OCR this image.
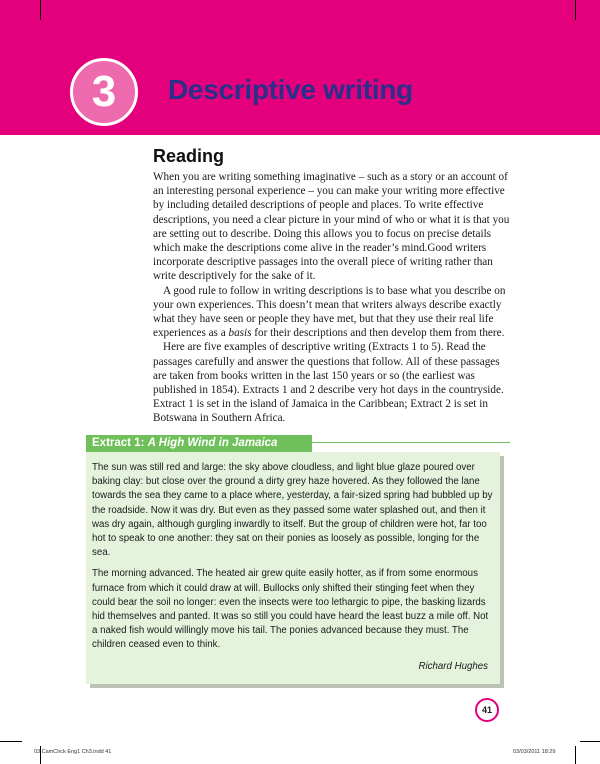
3 Descriptive writing
Reading

When you are writing something imaginative – such as a story or an account of an interesting personal experience – you can make your writing more effective by including detailed descriptions of people and places. To write effective descriptions, you need a clear picture in your mind of who or what it is that you are setting out to describe. Doing this allows you to focus on precise details which make the descriptions come alive in the reader’s mind.Good writers incorporate descriptive passages into the overall piece of writing rather than write descriptively for the sake of it.

A good rule to follow in writing descriptions is to base what you describe on your own experiences. This doesn’t mean that writers always describe exactly what they have seen or people they have met, but that they use their real life experiences as a basis for their descriptions and then develop them from there.

Here are five examples of descriptive writing (Extracts 1 to 5). Read the passages carefully and answer the questions that follow. All of these passages are taken from books written in the last 150 years or so (the earliest was published in 1854). Extracts 1 and 2 describe very hot days in the countryside. Extract 1 is set in the island of Jamaica in the Caribbean; Extract 2 is set in Botswana in Southern Africa.

Extract 1: A High Wind in Jamaica

The sun was still red and large: the sky above cloudless, and light blue glaze poured over baking clay: but close over the ground a dirty grey haze hovered. As they followed the lane towards the sea they came to a place where, yesterday, a fair-sized spring had bubbled up by the roadside. Now it was dry. But even as they passed some water splashed out, and then it was dry again, although gurgling inwardly to itself. But the group of children were hot, far too hot to speak to one another: they sat on their ponies as loosely as possible, longing for the sea.

The morning advanced. The heated air grew quite easily hotter, as if from some enormous furnace from which it could draw at will. Bullocks only shifted their stinging feet when they could bear the soil no longer: even the insects were too lethargic to pipe, the basking lizards hid themselves and panted. It was so still you could have heard the least buzz a mile off. Not a naked fish would willingly move his tail. The ponies advanced because they must. The children ceased even to think.

Richard Hughes
41
03 CamChck Eng1 Ch3.indd 41	03/03/2011 18:29
